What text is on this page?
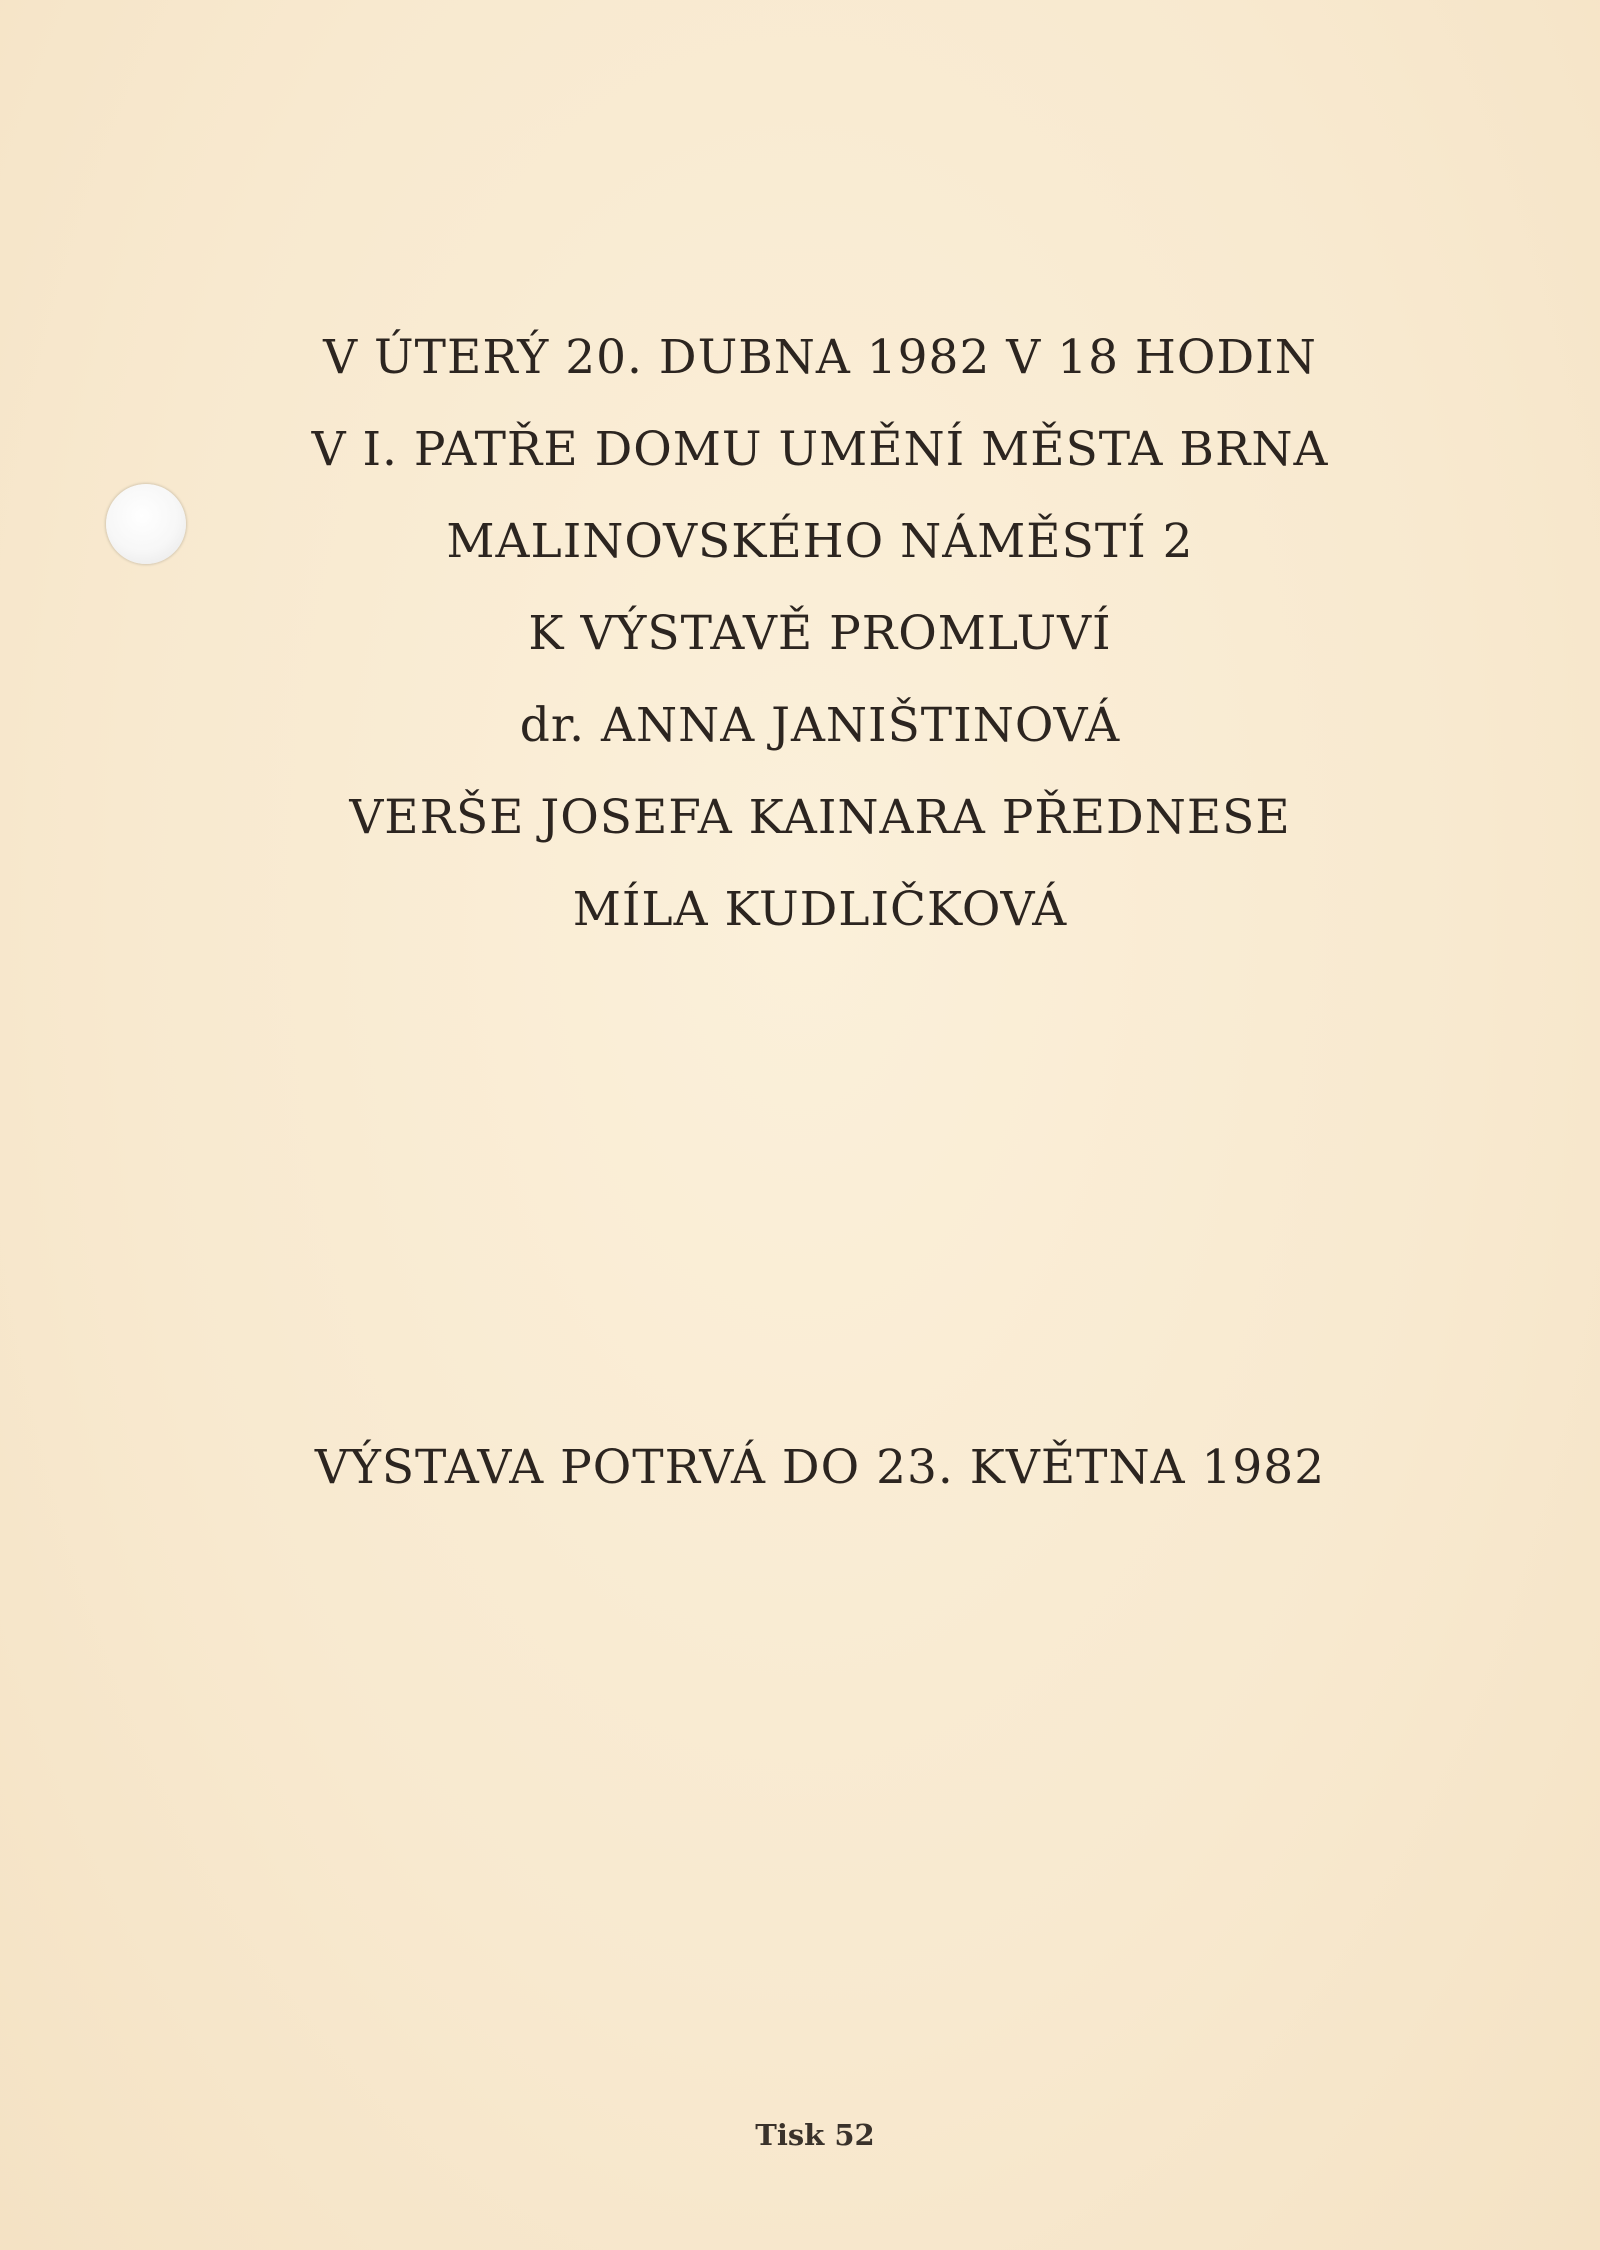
V ÚTERÝ 20. DUBNA 1982 V 18 HODIN
V I. PATŘE DOMU UMĚNÍ MĚSTA BRNA
MALINOVSKÉHO NÁMĚSTÍ 2
K VÝSTAVĚ PROMLUVÍ
dr. ANNA JANIŠTINOVÁ
VERŠE JOSEFA KAINARA PŘEDNESE
MÍLA KUDLIČKOVÁ
VÝSTAVA POTRVÁ DO 23. KVĚTNA 1982
Tisk 52
